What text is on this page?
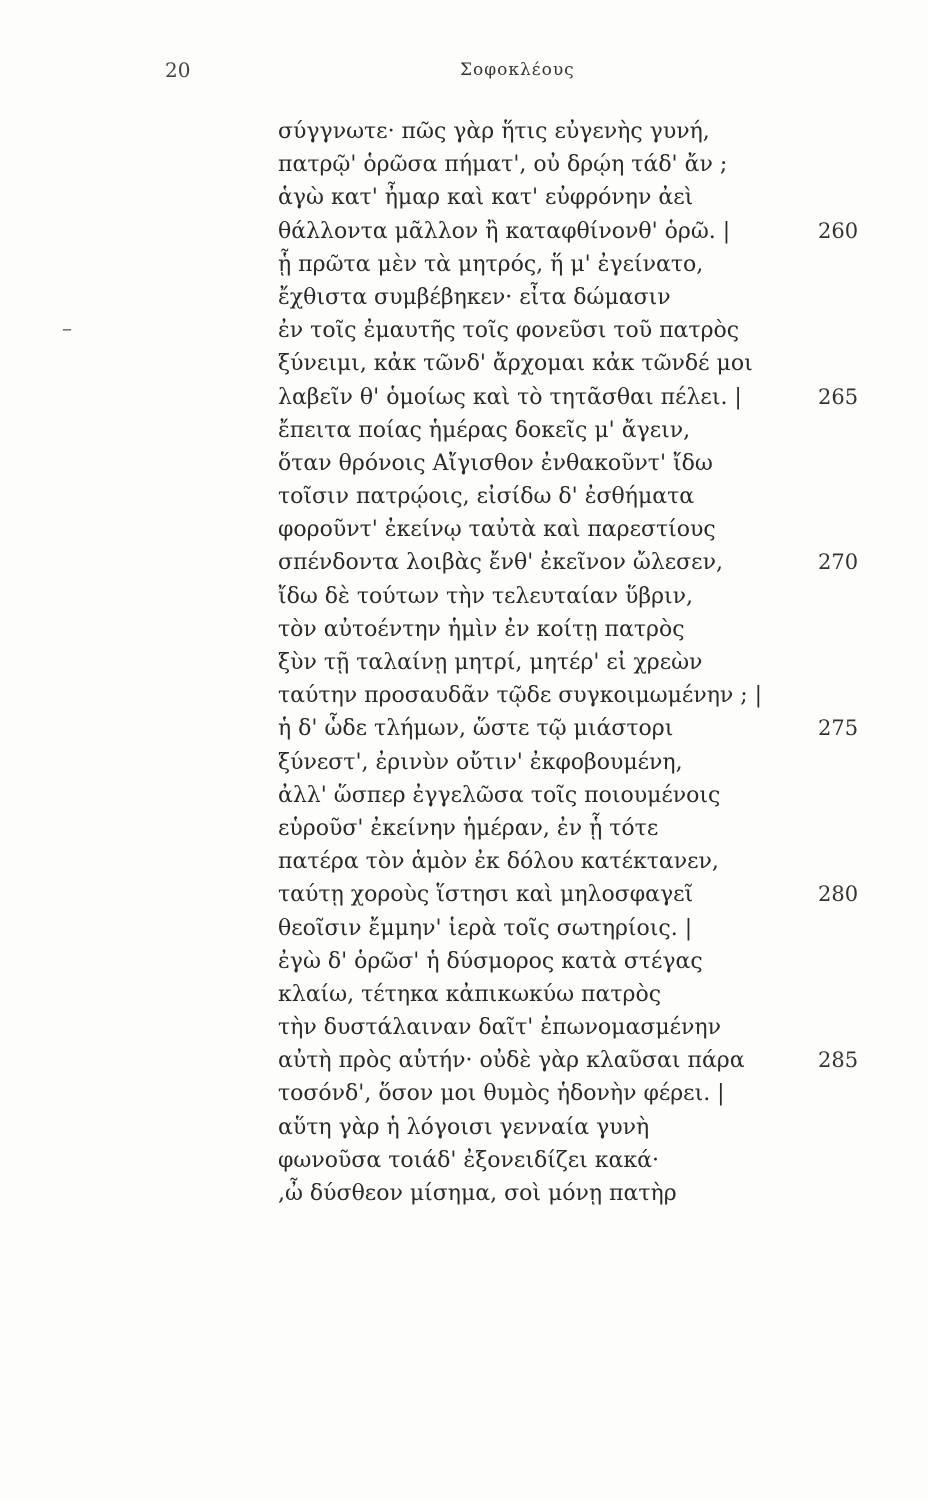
20	Σοφοκλέους
–
σύγγνωτε· πῶς γὰρ ἥτις εὐγενὴς γυνή,
πατρῷ' ὁρῶσα πήματ', οὐ δρῴη τάδ' ἄν ;
ἁγὼ κατ' ἦμαρ καὶ κατ' εὐφρόνην ἀεὶ
θάλλοντα μᾶλλον ἢ καταφθίνονθ' ὁρῶ. |	260
ᾗ πρῶτα μὲν τὰ μητρός, ἥ μ' ἐγείνατο,
ἔχθιστα συμβέβηκεν· εἶτα δώμασιν
ἐν τοῖς ἐμαυτῆς τοῖς φονεῦσι τοῦ πατρὸς
ξύνειμι, κἀκ τῶνδ' ἄρχομαι κἀκ τῶνδέ μοι
λαβεῖν θ' ὁμοίως καὶ τὸ τητᾶσθαι πέλει. |	265
ἔπειτα ποίας ἡμέρας δοκεῖς μ' ἄγειν,
ὅταν θρόνοις Αἴγισθον ἐνθακοῦντ' ἴδω
τοῖσιν πατρῴοις, εἰσίδω δ' ἐσθήματα
φοροῦντ' ἐκείνῳ ταὐτὰ καὶ παρεστίους
σπένδοντα λοιβὰς ἔνθ' ἐκεῖνον ὤλεσεν,	270
ἴδω δὲ τούτων τὴν τελευταίαν ὕβριν,
τὸν αὐτοέντην ἡμὶν ἐν κοίτῃ πατρὸς
ξὺν τῇ ταλαίνῃ μητρί, μητέρ' εἰ χρεὼν
ταύτην προσαυδᾶν τῷδε συγκοιμωμένην ; |
ἡ δ' ὧδε τλήμων, ὥστε τῷ μιάστορι	275
ξύνεστ', ἐρινὺν οὔτιν' ἐκφοβουμένη,
ἀλλ' ὥσπερ ἐγγελῶσα τοῖς ποιουμένοις
εὑροῦσ' ἐκείνην ἡμέραν, ἐν ᾗ τότε
πατέρα τὸν ἁμὸν ἐκ δόλου κατέκτανεν,
ταύτῃ χοροὺς ἵστησι καὶ μηλοσφαγεῖ	280
θεοῖσιν ἔμμην' ἱερὰ τοῖς σωτηρίοις. |
ἐγὼ δ' ὁρῶσ' ἡ δύσμορος κατὰ στέγας
κλαίω, τέτηκα κἀπικωκύω πατρὸς
τὴν δυστάλαιναν δαῖτ' ἐπωνομασμένην
αὐτὴ πρὸς αὑτήν· οὐδὲ γὰρ κλαῦσαι πάρα	285
τοσόνδ', ὅσον μοι θυμὸς ἡδονὴν φέρει. |
αὕτη γὰρ ἡ λόγοισι γενναία γυνὴ
φωνοῦσα τοιάδ' ἐξονειδίζει κακά·
,ὦ δύσθεον μίσημα, σοὶ μόνῃ πατὴρ
